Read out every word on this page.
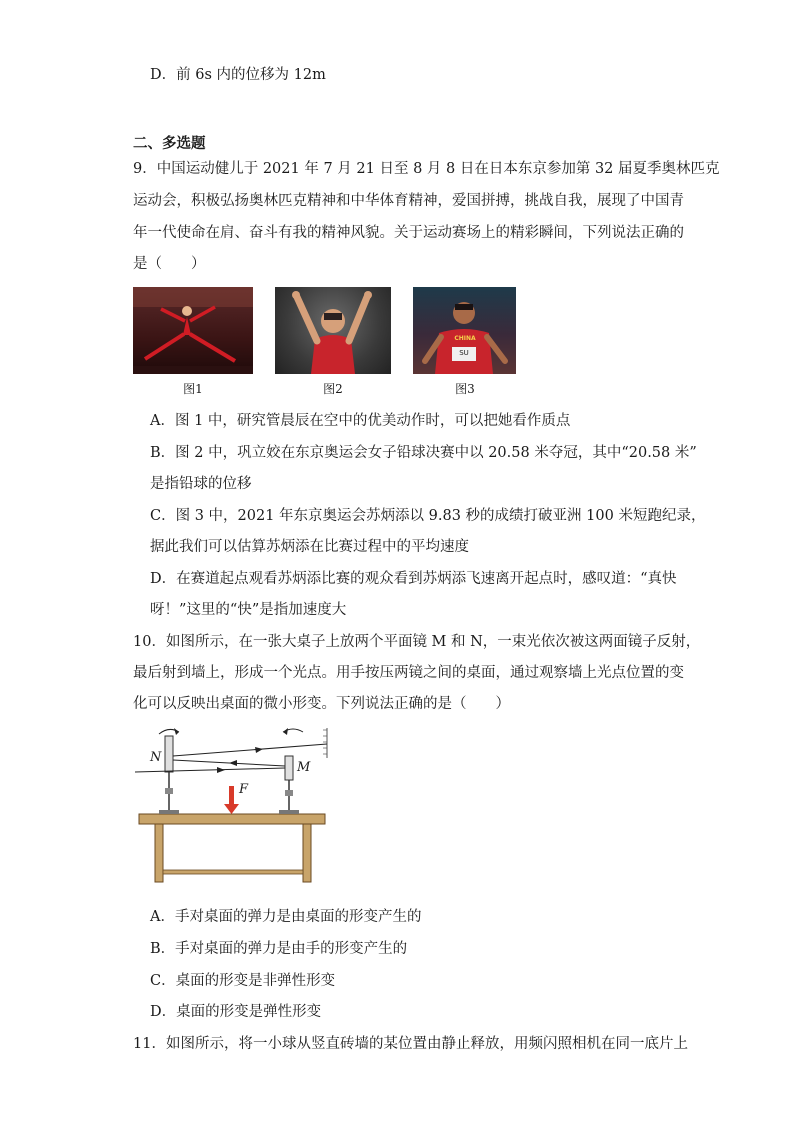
D．前 6s 内的位移为 12m
二、多选题
9．中国运动健儿于 2021 年 7 月 21 日至 8 月 8 日在日本东京参加第 32 届夏季奥林匹克
运动会，积极弘扬奥林匹克精神和中华体育精神，爱国拼搏，挑战自我，展现了中国青
年一代使命在肩、奋斗有我的精神风貌。关于运动赛场上的精彩瞬间，下列说法正确的
是（　　）
图1	图2
CHINA
SU
图3
A．图 1 中，研究管晨辰在空中的优美动作时，可以把她看作质点
B．图 2 中，巩立姣在东京奥运会女子铅球决赛中以 20.58 米夺冠，其中“20.58 米”
是指铅球的位移
C．图 3 中，2021 年东京奥运会苏炳添以 9.83 秒的成绩打破亚洲 100 米短跑纪录，
据此我们可以估算苏炳添在比赛过程中的平均速度
D．在赛道起点观看苏炳添比赛的观众看到苏炳添飞速离开起点时，感叹道：“真快
呀！”这里的“快”是指加速度大
10．如图所示，在一张大桌子上放两个平面镜 M 和 N，一束光依次被这两面镜子反射，
最后射到墙上，形成一个光点。用手按压两镜之间的桌面，通过观察墙上光点位置的变
化可以反映出桌面的微小形变。下列说法正确的是（　　）
N
M
F
A．手对桌面的弹力是由桌面的形变产生的
B．手对桌面的弹力是由手的形变产生的
C．桌面的形变是非弹性形变
D．桌面的形变是弹性形变
11．如图所示，将一小球从竖直砖墙的某位置由静止释放，用频闪照相机在同一底片上
